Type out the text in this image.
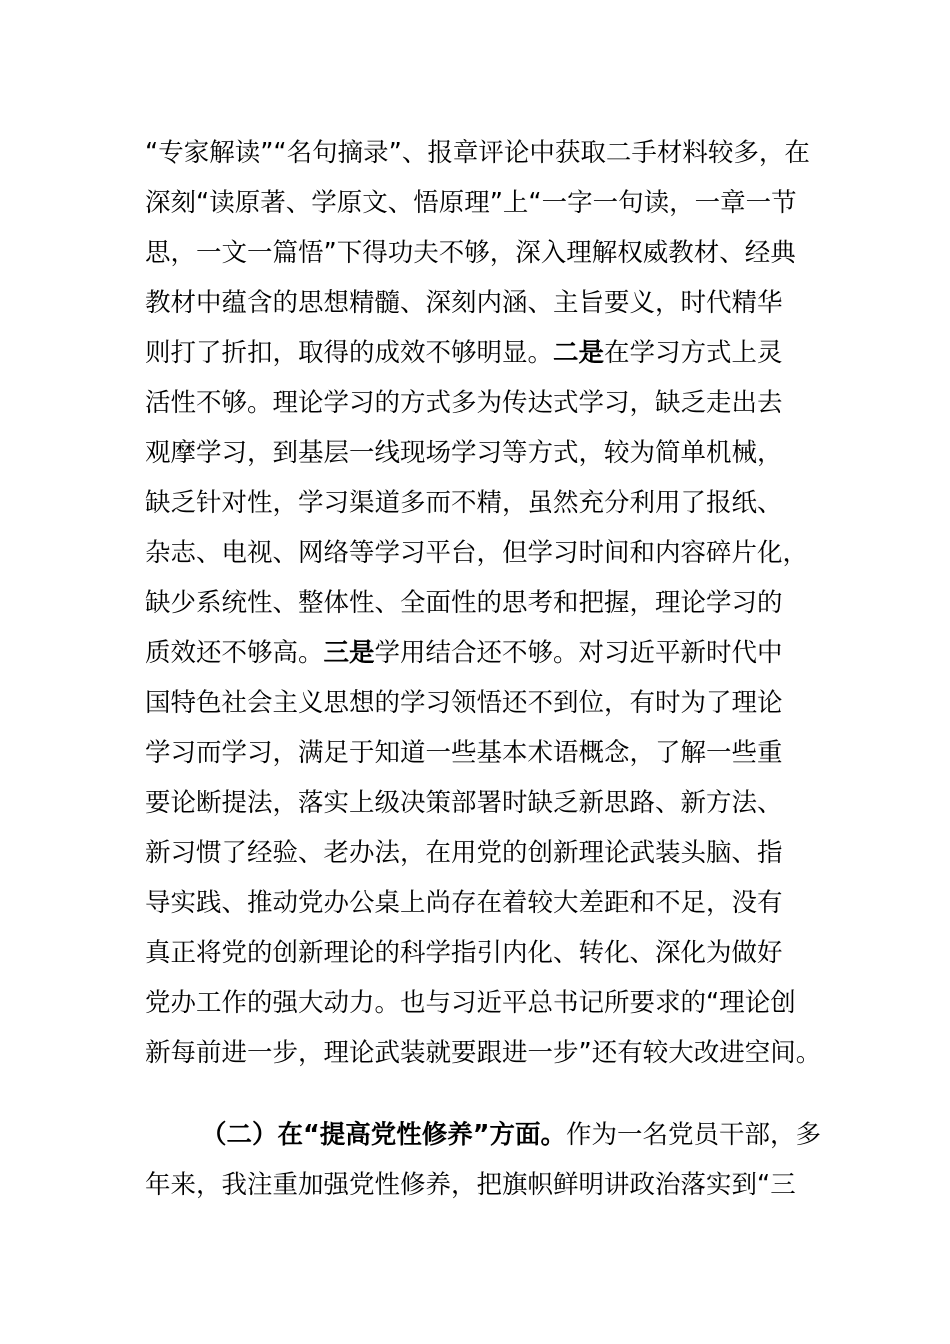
“专家解读”“名句摘录”、报章评论中获取二手材料较多，在
深刻“读原著、学原文、悟原理”上“一字一句读，一章一节
思，一文一篇悟”下得功夫不够，深入理解权威教材、经典
教材中蕴含的思想精髓、深刻内涵、主旨要义，时代精华
则打了折扣，取得的成效不够明显。二是在学习方式上灵
活性不够。理论学习的方式多为传达式学习，缺乏走出去
观摩学习，到基层一线现场学习等方式，较为简单机械，
缺乏针对性，学习渠道多而不精，虽然充分利用了报纸、
杂志、电视、网络等学习平台，但学习时间和内容碎片化，
缺少系统性、整体性、全面性的思考和把握，理论学习的
质效还不够高。三是学用结合还不够。对习近平新时代中
国特色社会主义思想的学习领悟还不到位，有时为了理论
学习而学习，满足于知道一些基本术语概念，了解一些重
要论断提法，落实上级决策部署时缺乏新思路、新方法、
新习惯了经验、老办法，在用党的创新理论武装头脑、指
导实践、推动党办公桌上尚存在着较大差距和不足，没有
真正将党的创新理论的科学指引内化、转化、深化为做好
党办工作的强大动力。也与习近平总书记所要求的“理论创
新每前进一步，理论武装就要跟进一步”还有较大改进空间。
（二）在“提高党性修养”方面。作为一名党员干部，多
年来，我注重加强党性修养，把旗帜鲜明讲政治落实到“三
